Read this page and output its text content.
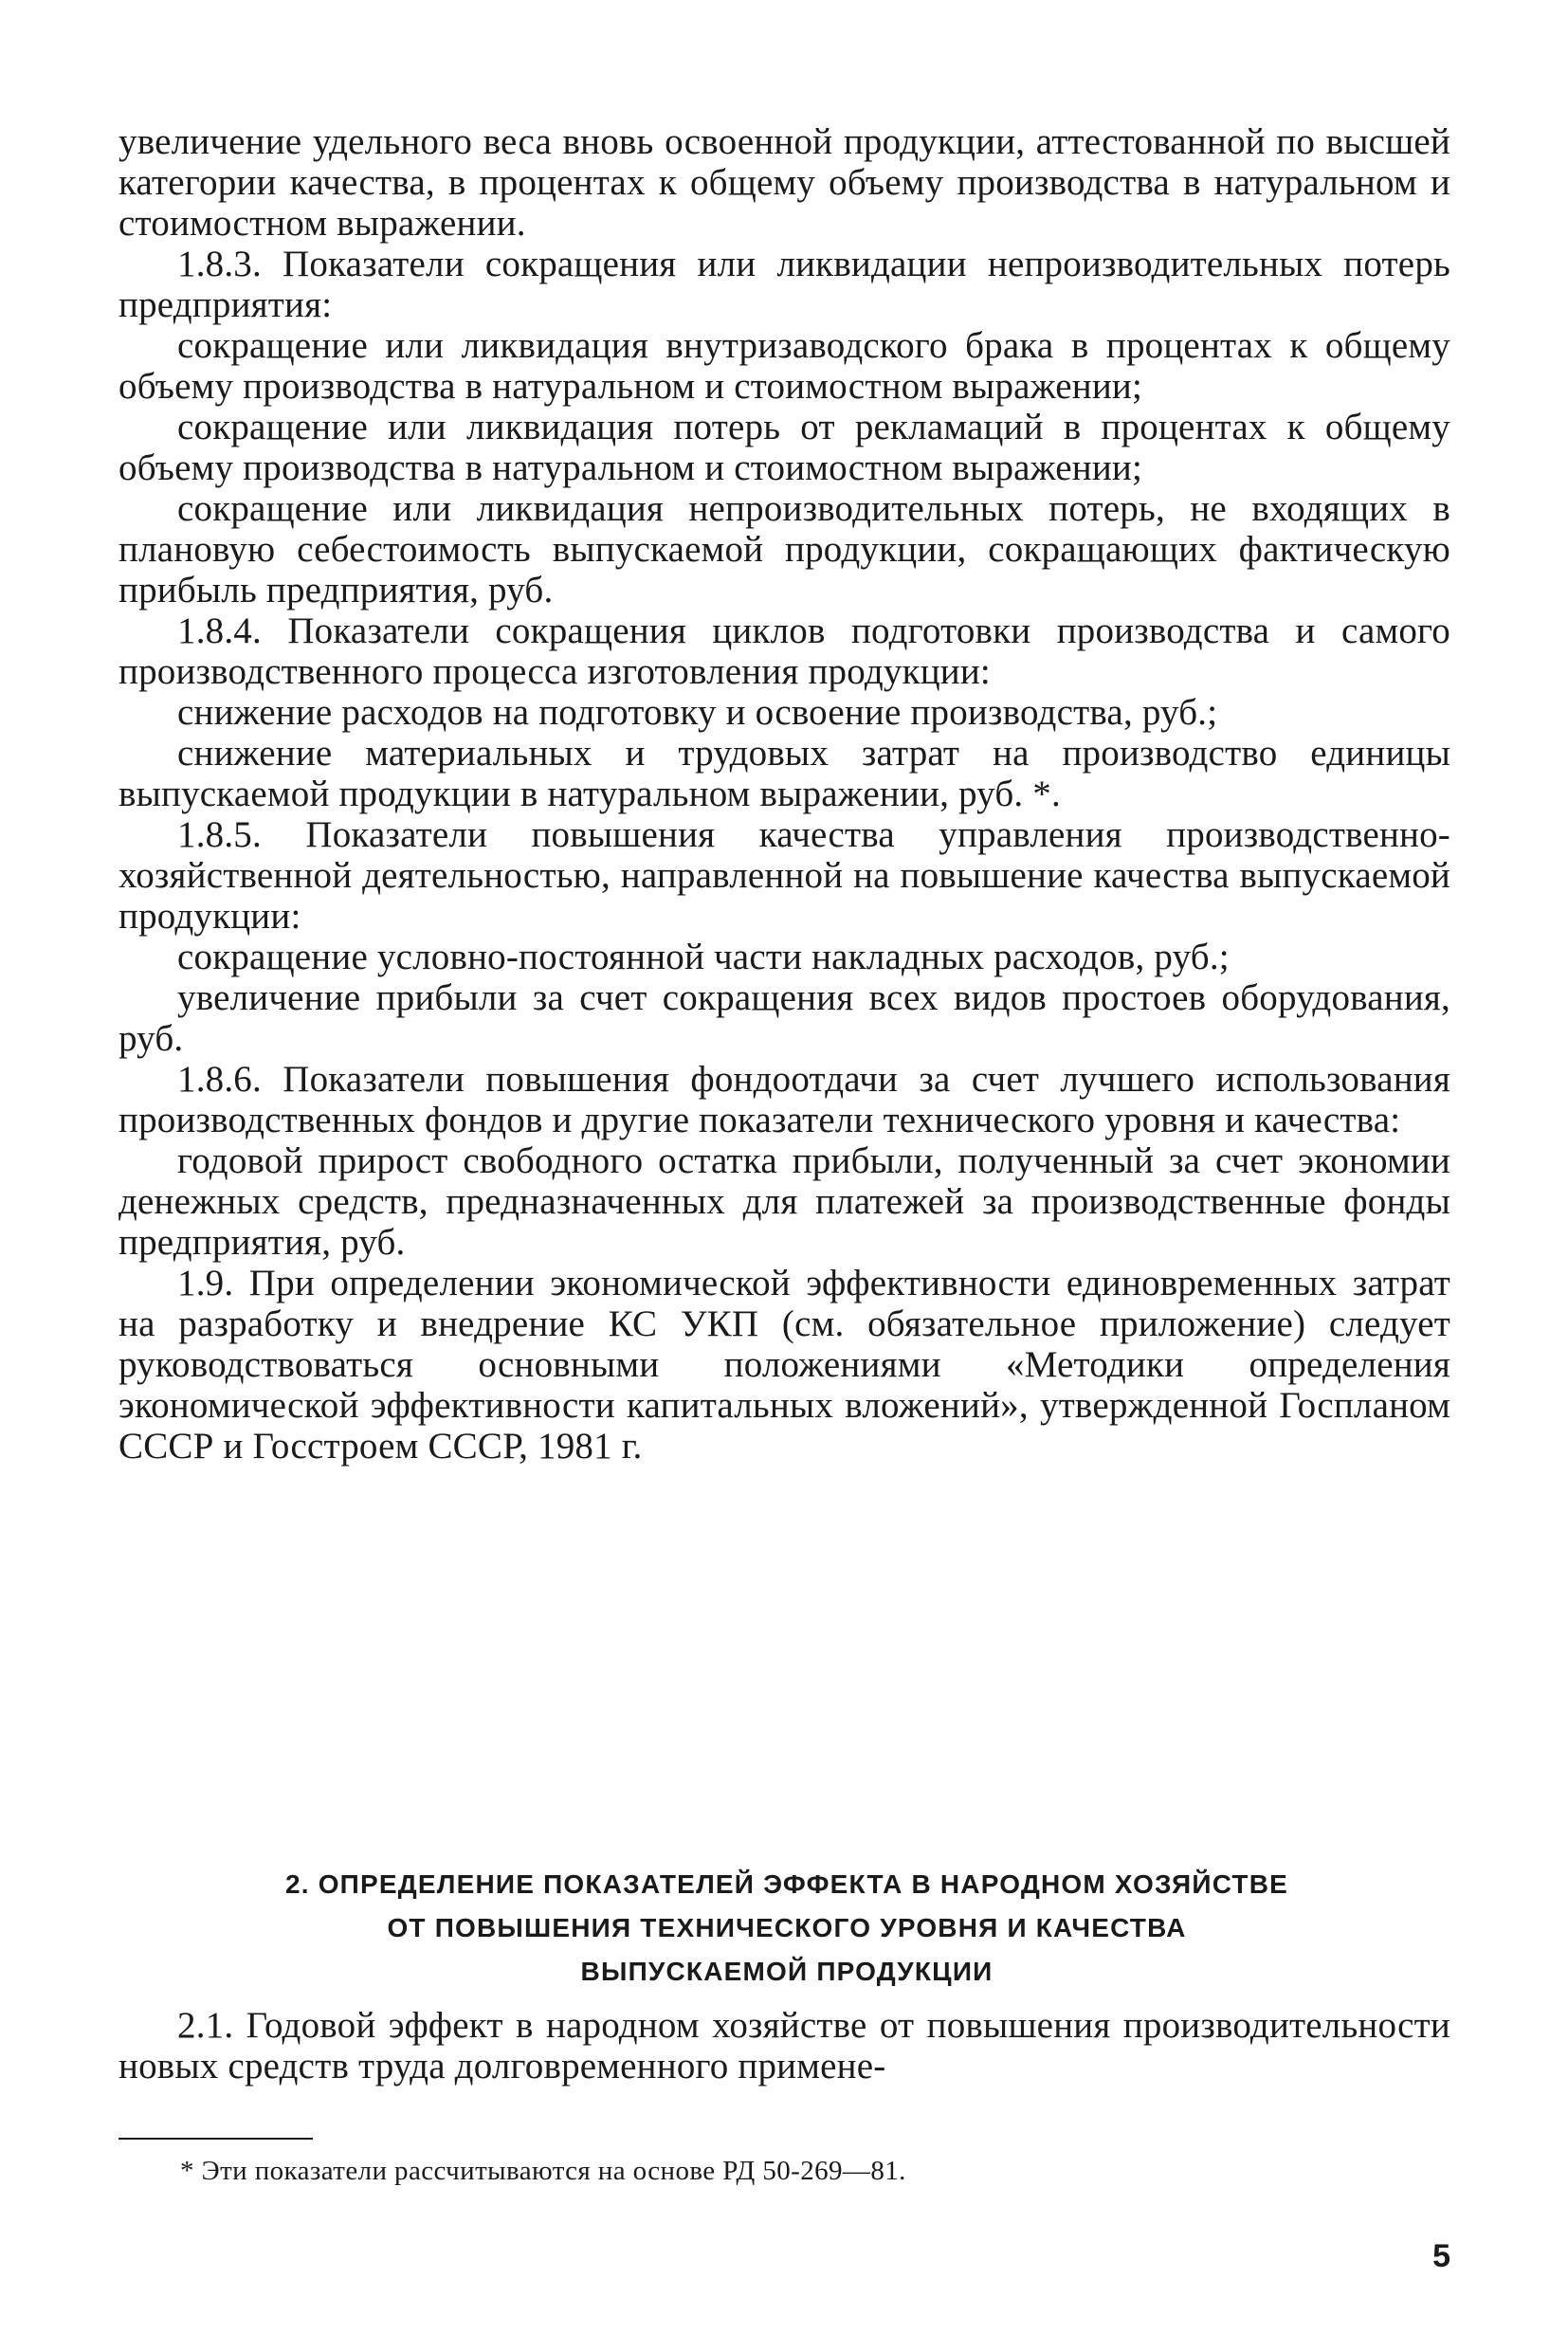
увеличение удельного веса вновь освоенной продукции, аттестованной по высшей категории качества, в процентах к общему объему производства в натуральном и стоимостном выражении.

1.8.3. Показатели сокращения или ликвидации непроизводительных потерь предприятия:

сокращение или ликвидация внутризаводского брака в процентах к общему объему производства в натуральном и стоимостном выражении;

сокращение или ликвидация потерь от рекламаций в процентах к общему объему производства в натуральном и стоимостном выражении;

сокращение или ликвидация непроизводительных потерь, не входящих в плановую себестоимость выпускаемой продукции, сокращающих фактическую прибыль предприятия, руб.

1.8.4. Показатели сокращения циклов подготовки производства и самого производственного процесса изготовления продукции:

снижение расходов на подготовку и освоение производства, руб.;

снижение материальных и трудовых затрат на производство единицы выпускаемой продукции в натуральном выражении, руб. *.

1.8.5. Показатели повышения качества управления производственно-хозяйственной деятельностью, направленной на повышение качества выпускаемой продукции:

сокращение условно-постоянной части накладных расходов, руб.;

увеличение прибыли за счет сокращения всех видов простоев оборудования, руб.

1.8.6. Показатели повышения фондоотдачи за счет лучшего использования производственных фондов и другие показатели технического уровня и качества:

годовой прирост свободного остатка прибыли, полученный за счет экономии денежных средств, предназначенных для платежей за производственные фонды предприятия, руб.

1.9. При определении экономической эффективности единовременных затрат на разработку и внедрение КС УКП (см. обязательное приложение) следует руководствоваться основными положениями «Методики определения экономической эффективности капитальных вложений», утвержденной Госпланом СССР и Госстроем СССР, 1981 г.

2. ОПРЕДЕЛЕНИЕ ПОКАЗАТЕЛЕЙ ЭФФЕКТА В НАРОДНОМ ХОЗЯЙСТВЕ
ОТ ПОВЫШЕНИЯ ТЕХНИЧЕСКОГО УРОВНЯ И КАЧЕСТВА
ВЫПУСКАЕМОЙ ПРОДУКЦИИ

2.1. Годовой эффект в народном хозяйстве от повышения производительности новых средств труда долговременного примене-

* Эти показатели рассчитываются на основе РД 50-269—81.
5
